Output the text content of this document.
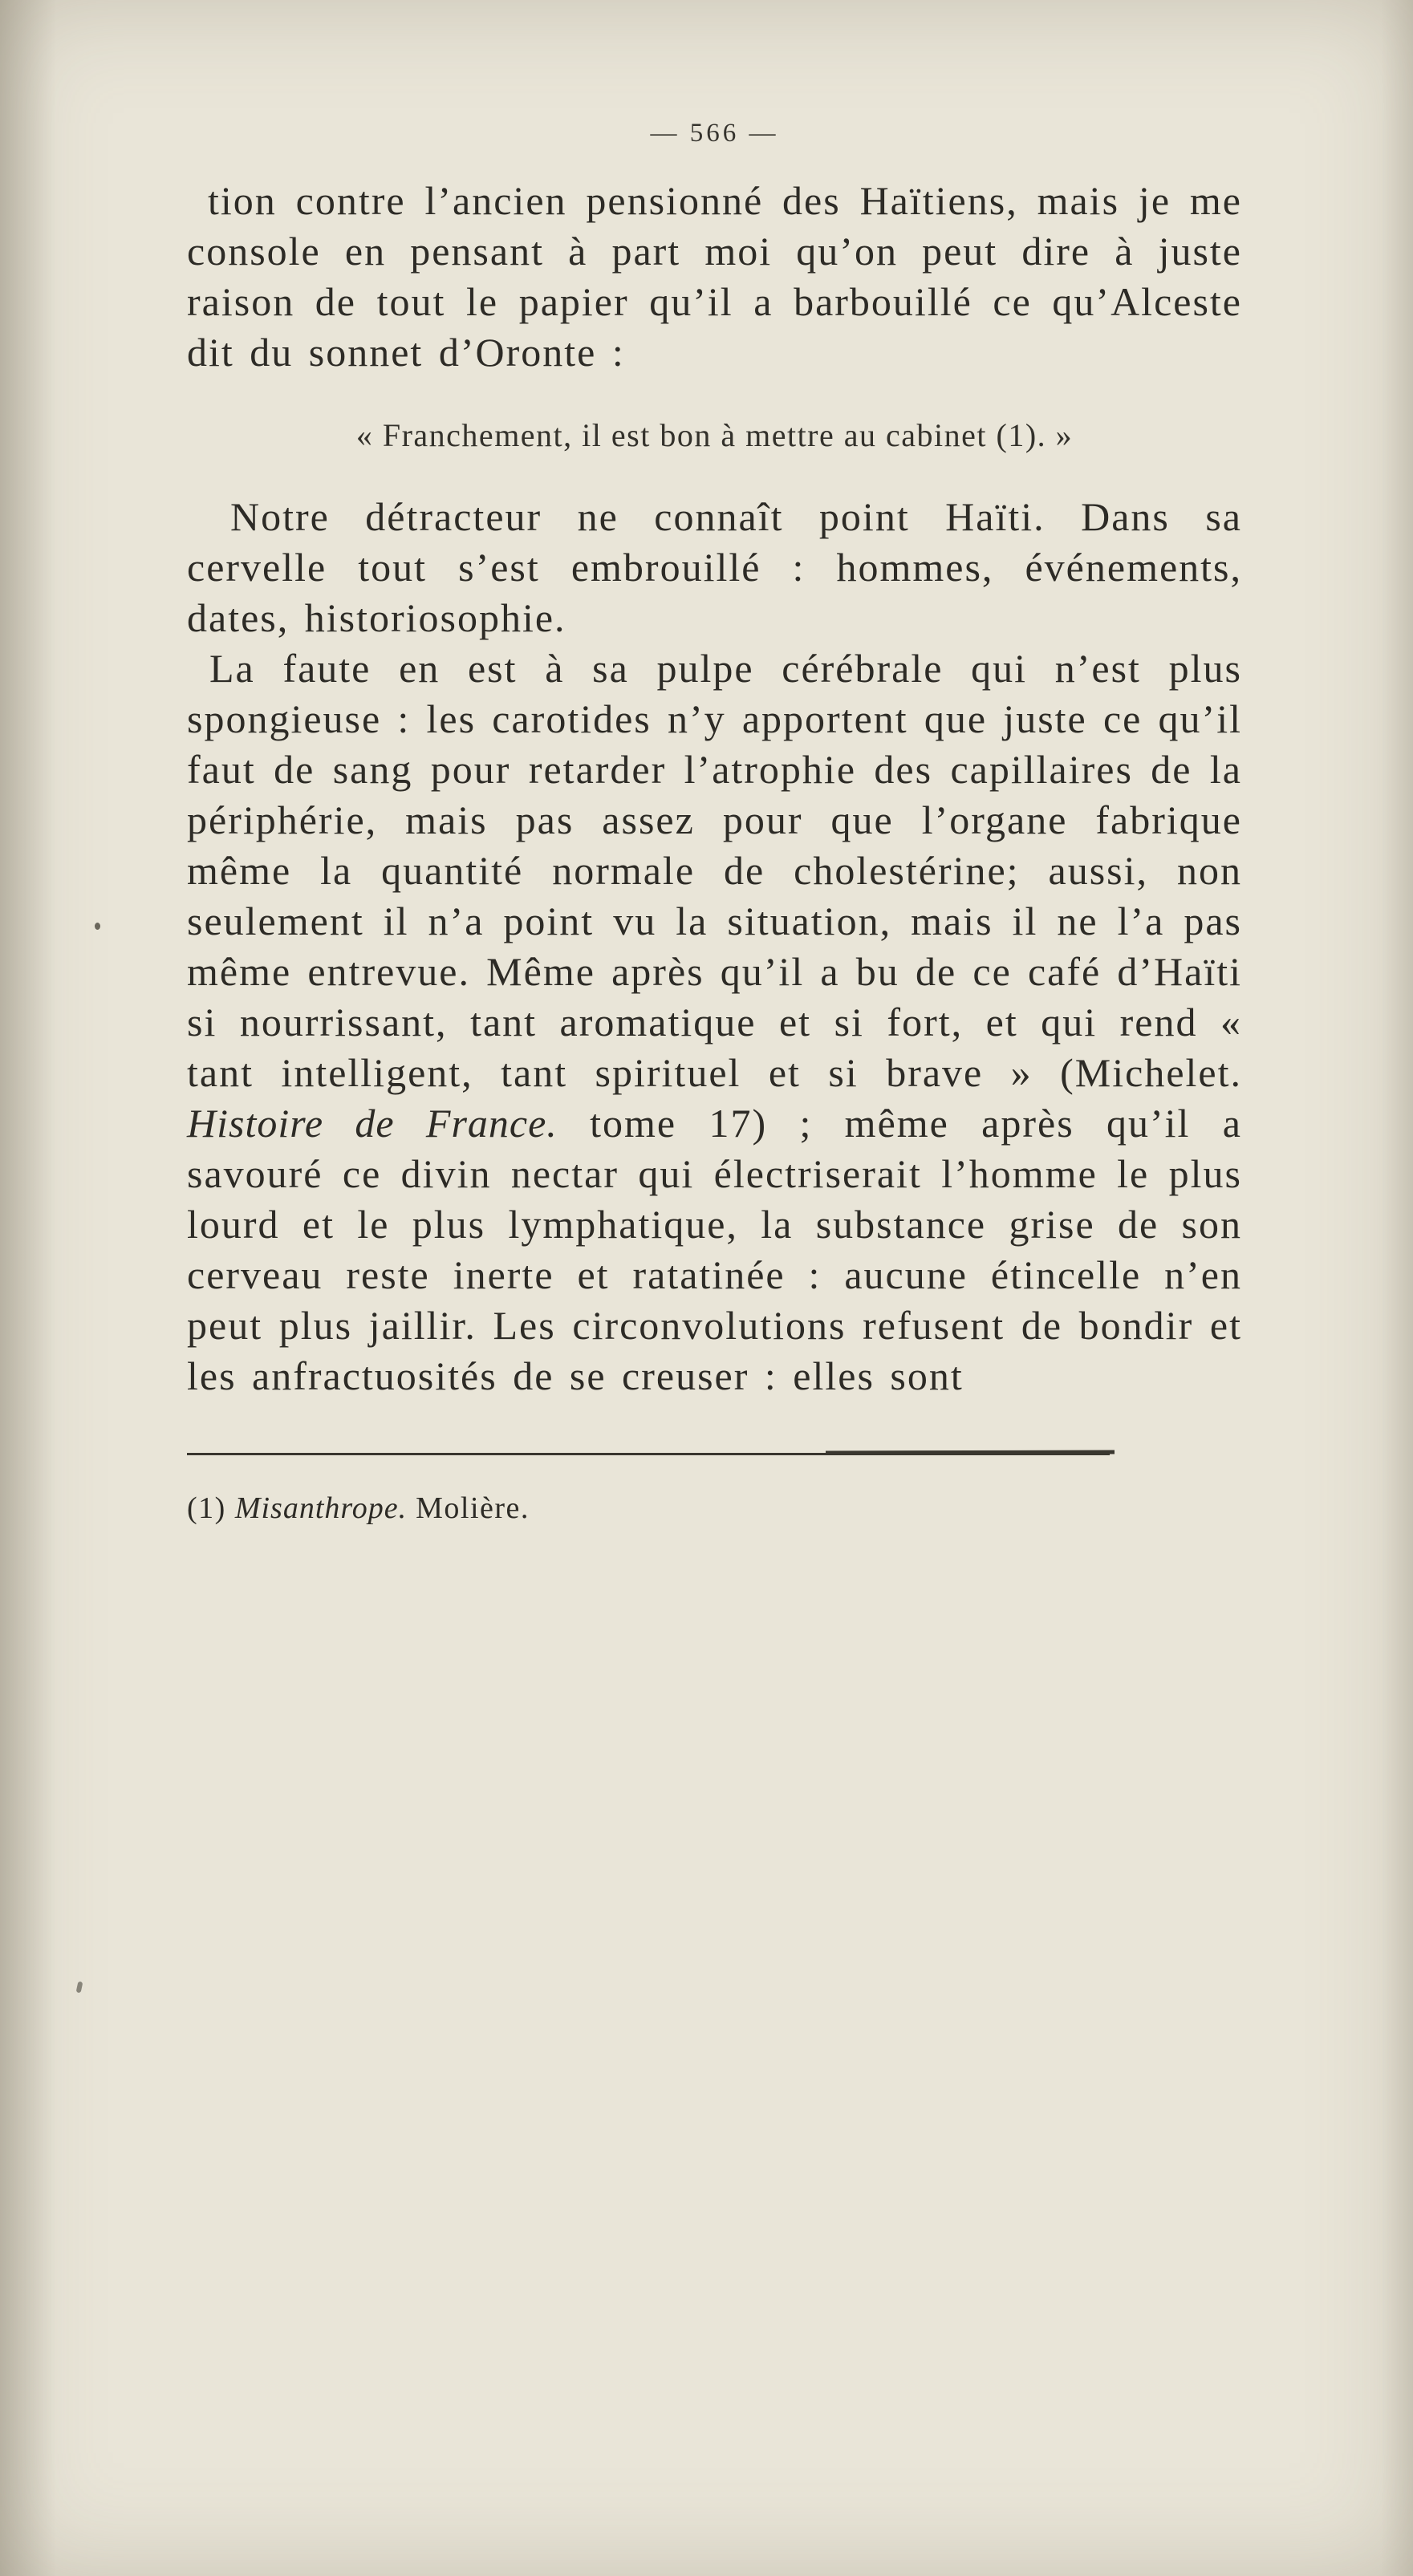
— 566 —

tion contre l’ancien pensionné des Haïtiens, mais je me console en pensant à part moi qu’on peut dire à juste raison de tout le papier qu’il a barbouillé ce qu’Alceste dit du sonnet d’Oronte :

« Franchement, il est bon à mettre au cabinet (1). »

Notre détracteur ne connaît point Haïti. Dans sa cervelle tout s’est embrouillé : hommes, événements, dates, historiosophie.

La faute en est à sa pulpe cérébrale qui n’est plus spongieuse : les carotides n’y apportent que juste ce qu’il faut de sang pour retarder l’atrophie des capillaires de la périphérie, mais pas assez pour que l’organe fabrique même la quantité normale de cholestérine; aussi, non seulement il n’a point vu la situation, mais il ne l’a pas même entrevue. Même après qu’il a bu de ce café d’Haïti si nourrissant, tant aromatique et si fort, et qui rend « tant intelligent, tant spirituel et si brave » (Michelet. Histoire de France. tome 17) ; même après qu’il a savouré ce divin nectar qui électriserait l’homme le plus lourd et le plus lymphatique, la substance grise de son cerveau reste inerte et ratatinée : aucune étincelle n’en peut plus jaillir. Les circonvolutions refusent de bondir et les anfractuosités de se creuser : elles sont

(1) Misanthrope. Molière.
